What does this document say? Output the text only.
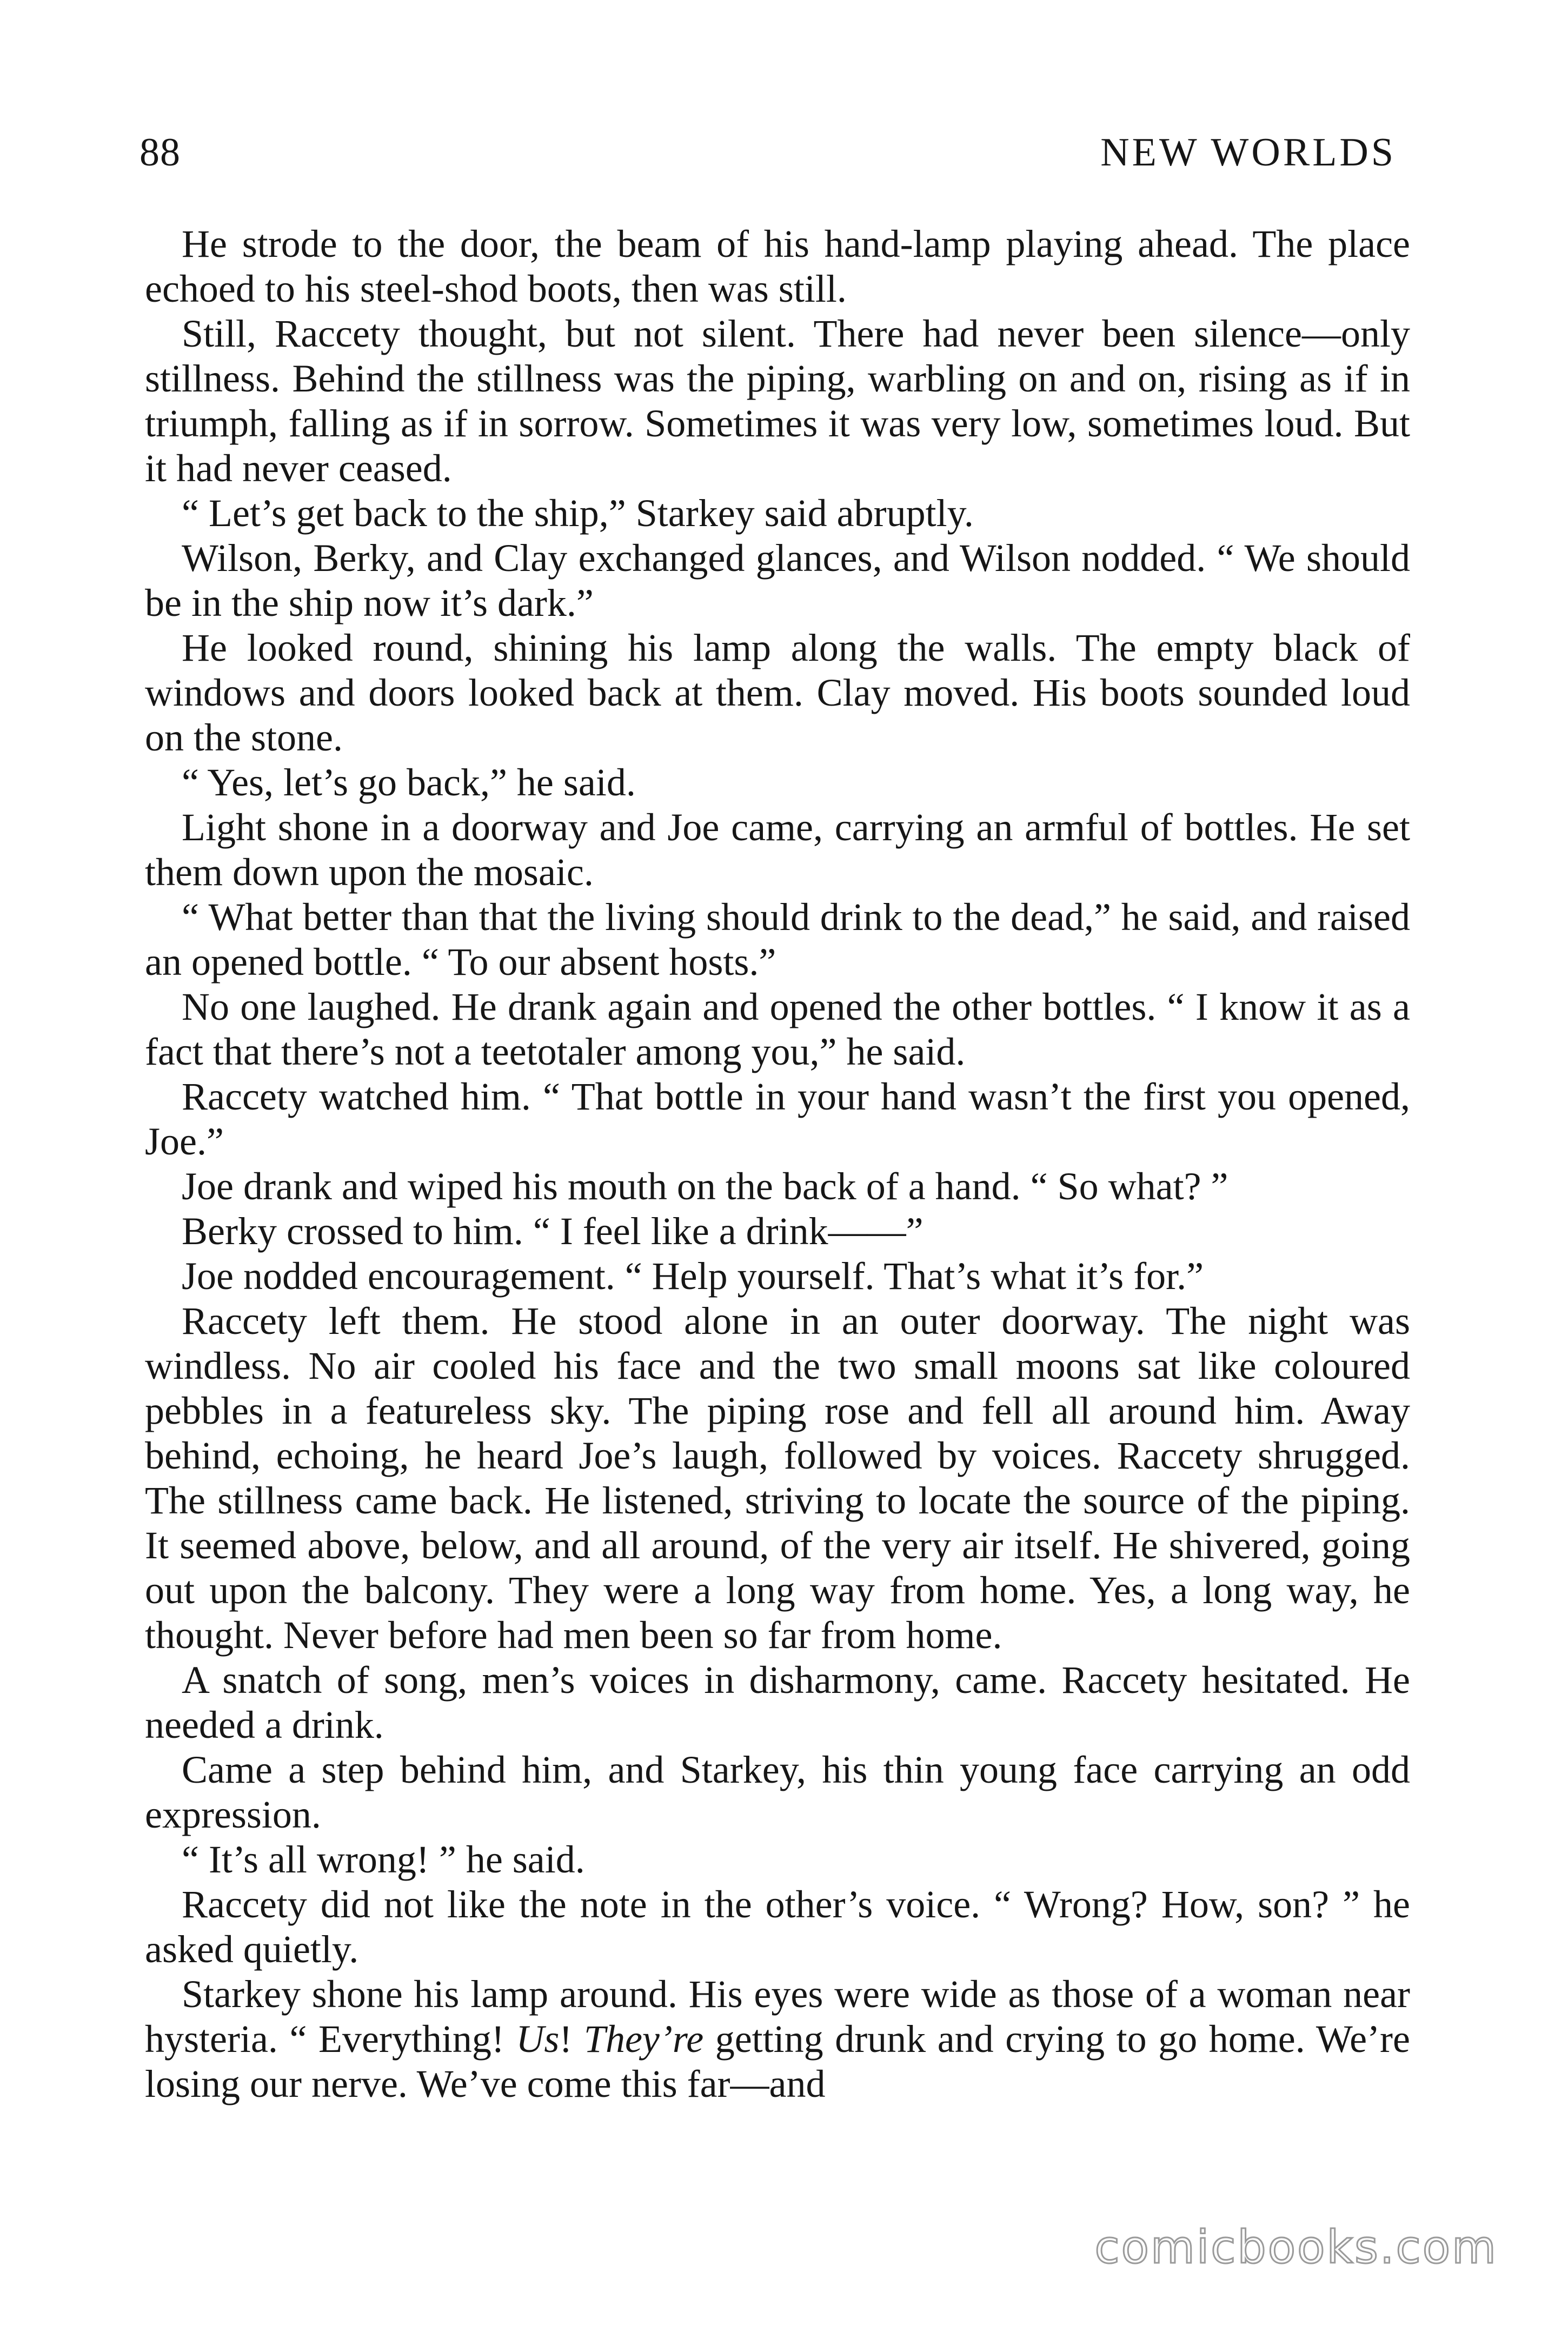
88	NEW WORLDS

He strode to the door, the beam of his hand-lamp playing ahead. The place echoed to his steel-shod boots, then was still.

Still, Raccety thought, but not silent. There had never been silence—only stillness. Behind the stillness was the piping, warbling on and on, rising as if in triumph, falling as if in sorrow. Sometimes it was very low, sometimes loud. But it had never ceased.

“ Let’s get back to the ship,” Starkey said abruptly.

Wilson, Berky, and Clay exchanged glances, and Wilson nodded. “ We should be in the ship now it’s dark.”

He looked round, shining his lamp along the walls. The empty black of windows and doors looked back at them. Clay moved. His boots sounded loud on the stone.

“ Yes, let’s go back,” he said.

Light shone in a doorway and Joe came, carrying an armful of bottles. He set them down upon the mosaic.

“ What better than that the living should drink to the dead,” he said, and raised an opened bottle. “ To our absent hosts.”

No one laughed. He drank again and opened the other bottles. “ I know it as a fact that there’s not a teetotaler among you,” he said.

Raccety watched him. “ That bottle in your hand wasn’t the first you opened, Joe.”

Joe drank and wiped his mouth on the back of a hand. “ So what? ”

Berky crossed to him. “ I feel like a drink——”

Joe nodded encouragement. “ Help yourself. That’s what it’s for.”

Raccety left them. He stood alone in an outer doorway. The night was windless. No air cooled his face and the two small moons sat like coloured pebbles in a featureless sky. The piping rose and fell all around him. Away behind, echoing, he heard Joe’s laugh, followed by voices. Raccety shrugged. The stillness came back. He listened, striving to locate the source of the piping. It seemed above, below, and all around, of the very air itself. He shivered, going out upon the balcony. They were a long way from home. Yes, a long way, he thought. Never before had men been so far from home.

A snatch of song, men’s voices in disharmony, came. Raccety hesitated. He needed a drink.

Came a step behind him, and Starkey, his thin young face carrying an odd expression.

“ It’s all wrong! ” he said.

Raccety did not like the note in the other’s voice. “ Wrong? How, son? ” he asked quietly.

Starkey shone his lamp around. His eyes were wide as those of a woman near hysteria. “ Everything! Us! They’re getting drunk and crying to go home. We’re losing our nerve. We’ve come this far—and

comicbooks.com
